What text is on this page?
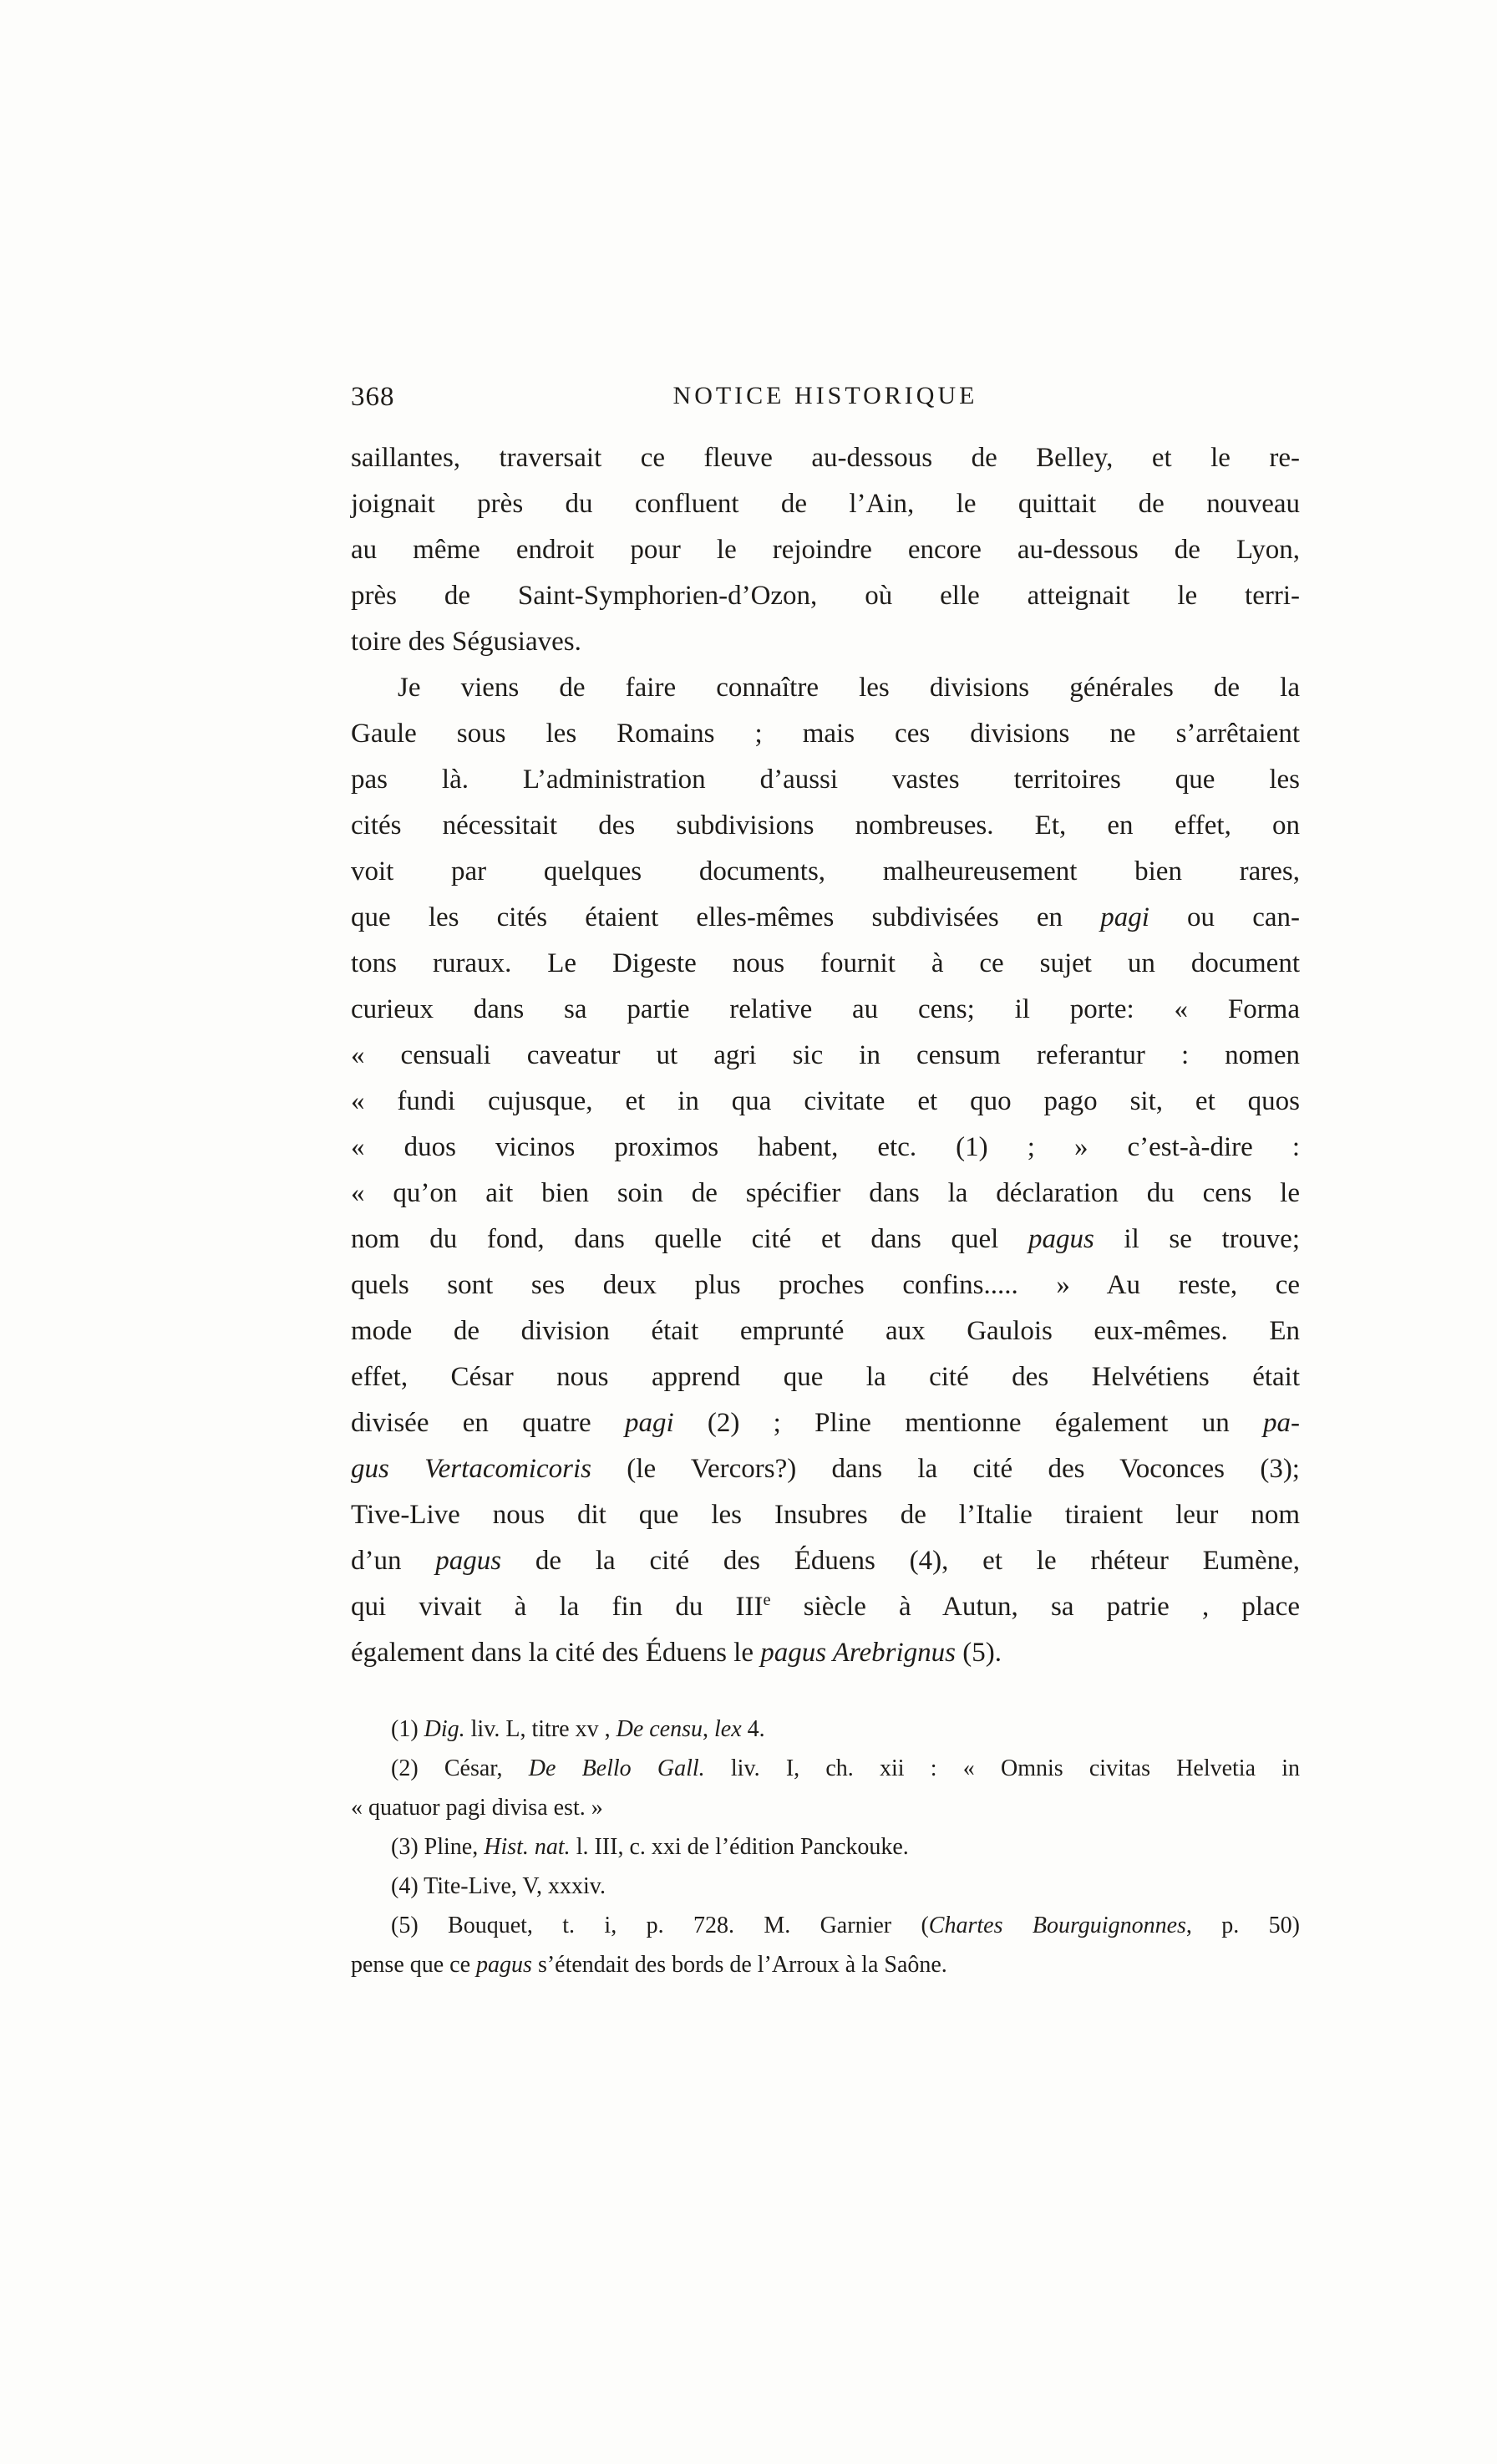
368	NOTICE HISTORIQUE
saillantes, traversait ce fleuve au-dessous de Belley, et le re-
joignait près du confluent de l’Ain, le quittait de nouveau
au même endroit pour le rejoindre encore au-dessous de Lyon,
près de Saint-Symphorien-d’Ozon, où elle atteignait le terri-
toire des Ségusiaves.
Je viens de faire connaître les divisions générales de la
Gaule sous les Romains ; mais ces divisions ne s’arrêtaient
pas là. L’administration d’aussi vastes territoires que les
cités nécessitait des subdivisions nombreuses. Et, en effet, on
voit par quelques documents, malheureusement bien rares,
que les cités étaient elles-mêmes subdivisées en pagi ou can-
tons ruraux. Le Digeste nous fournit à ce sujet un document
curieux dans sa partie relative au cens; il porte: « Forma
« censuali caveatur ut agri sic in censum referantur : nomen
« fundi cujusque, et in qua civitate et quo pago sit, et quos
« duos vicinos proximos habent, etc. (1) ; » c’est-à-dire :
« qu’on ait bien soin de spécifier dans la déclaration du cens le
nom du fond, dans quelle cité et dans quel pagus il se trouve;
quels sont ses deux plus proches confins..... » Au reste, ce
mode de division était emprunté aux Gaulois eux-mêmes. En
effet, César nous apprend que la cité des Helvétiens était
divisée en quatre pagi (2) ; Pline mentionne également un pa-
gus Vertacomicoris (le Vercors?) dans la cité des Voconces (3);
Tive-Live nous dit que les Insubres de l’Italie tiraient leur nom
d’un pagus de la cité des Éduens (4), et le rhéteur Eumène,
qui vivait à la fin du IIIe siècle à Autun, sa patrie , place
également dans la cité des Éduens le pagus Arebrignus (5).
(1) Dig. liv. L, titre xv , De censu, lex 4.
(2) César, De Bello Gall. liv. I, ch. xii : « Omnis civitas Helvetia in
« quatuor pagi divisa est. »
(3) Pline, Hist. nat. l. III, c. xxi de l’édition Panckouke.
(4) Tite-Live, V, xxxiv.
(5) Bouquet, t. i, p. 728. M. Garnier (Chartes Bourguignonnes, p. 50)
pense que ce pagus s’étendait des bords de l’Arroux à la Saône.
